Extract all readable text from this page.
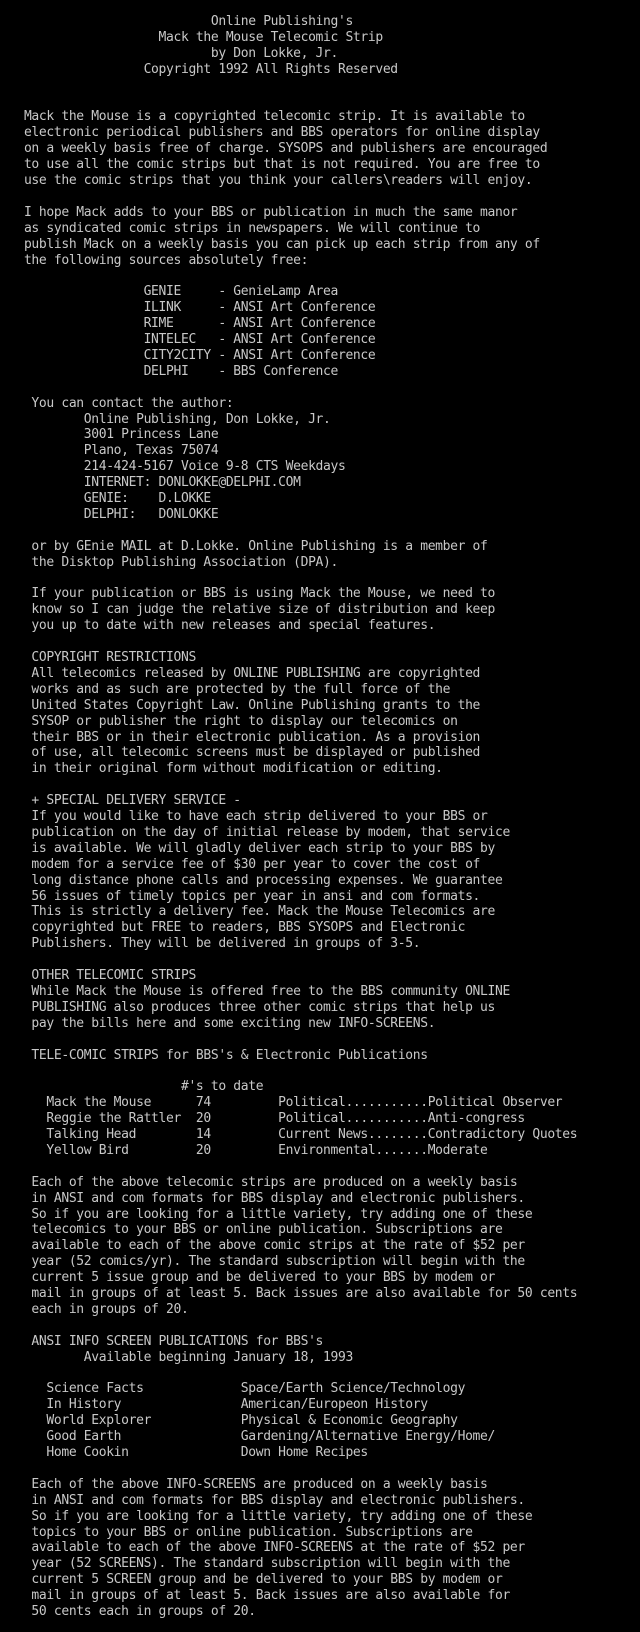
Online Publishing's
Mack the Mouse Telecomic Strip
by Don Lokke, Jr.
Copyright 1992 All Rights Reserved
Mack the Mouse is a copyrighted telecomic strip. It is available to
electronic periodical publishers and BBS operators for online display
on a weekly basis free of charge. SYSOPS and publishers are encouraged
to use all the comic strips but that is not required. You are free to
use the comic strips that you think your callers\readers will enjoy.
I hope Mack adds to your BBS or publication in much the same manor
as syndicated comic strips in newspapers. We will continue to
publish Mack on a weekly basis you can pick up each strip from any of
the following sources absolutely free:
GENIE     - GenieLamp Area
ILINK     - ANSI Art Conference
RIME      - ANSI Art Conference
INTELEC   - ANSI Art Conference
CITY2CITY - ANSI Art Conference
DELPHI    - BBS Conference
You can contact the author:
Online Publishing, Don Lokke, Jr.
3001 Princess Lane
Plano, Texas 75074
214-424-5167 Voice 9-8 CTS Weekdays
INTERNET: DONLOKKE@DELPHI.COM
GENIE:    D.LOKKE
DELPHI:   DONLOKKE
or by GEnie MAIL at D.Lokke. Online Publishing is a member of
the Disktop Publishing Association (DPA).
If your publication or BBS is using Mack the Mouse, we need to
know so I can judge the relative size of distribution and keep
you up to date with new releases and special features.
COPYRIGHT RESTRICTIONS
All telecomics released by ONLINE PUBLISHING are copyrighted
works and as such are protected by the full force of the
United States Copyright Law. Online Publishing grants to the
SYSOP or publisher the right to display our telecomics on
their BBS or in their electronic publication. As a provision
of use, all telecomic screens must be displayed or published
in their original form without modification or editing.
+ SPECIAL DELIVERY SERVICE -
If you would like to have each strip delivered to your BBS or
publication on the day of initial release by modem, that service
is available. We will gladly deliver each strip to your BBS by
modem for a service fee of $30 per year to cover the cost of
long distance phone calls and processing expenses. We guarantee
56 issues of timely topics per year in ansi and com formats.
This is strictly a delivery fee. Mack the Mouse Telecomics are
copyrighted but FREE to readers, BBS SYSOPS and Electronic
Publishers. They will be delivered in groups of 3-5.
OTHER TELECOMIC STRIPS
While Mack the Mouse is offered free to the BBS community ONLINE
PUBLISHING also produces three other comic strips that help us
pay the bills here and some exciting new INFO-SCREENS.
TELE-COMIC STRIPS for BBS's & Electronic Publications
#'s to date
Mack the Mouse      74         Political...........Political Observer
Reggie the Rattler  20         Political...........Anti-congress
Talking Head        14         Current News........Contradictory Quotes
Yellow Bird         20         Environmental.......Moderate
Each of the above telecomic strips are produced on a weekly basis
in ANSI and com formats for BBS display and electronic publishers.
So if you are looking for a little variety, try adding one of these
telecomics to your BBS or online publication. Subscriptions are
available to each of the above comic strips at the rate of $52 per
year (52 comics/yr). The standard subscription will begin with the
current 5 issue group and be delivered to your BBS by modem or
mail in groups of at least 5. Back issues are also available for 50 cents
each in groups of 20.
ANSI INFO SCREEN PUBLICATIONS for BBS's
Available beginning January 18, 1993
Science Facts             Space/Earth Science/Technology
In History                American/Europeon History
World Explorer            Physical & Economic Geography
Good Earth                Gardening/Alternative Energy/Home/
Home Cookin               Down Home Recipes
Each of the above INFO-SCREENS are produced on a weekly basis
in ANSI and com formats for BBS display and electronic publishers.
So if you are looking for a little variety, try adding one of these
topics to your BBS or online publication. Subscriptions are
available to each of the above INFO-SCREENS at the rate of $52 per
year (52 SCREENS). The standard subscription will begin with the
current 5 SCREEN group and be delivered to your BBS by modem or
mail in groups of at least 5. Back issues are also available for
50 cents each in groups of 20.
